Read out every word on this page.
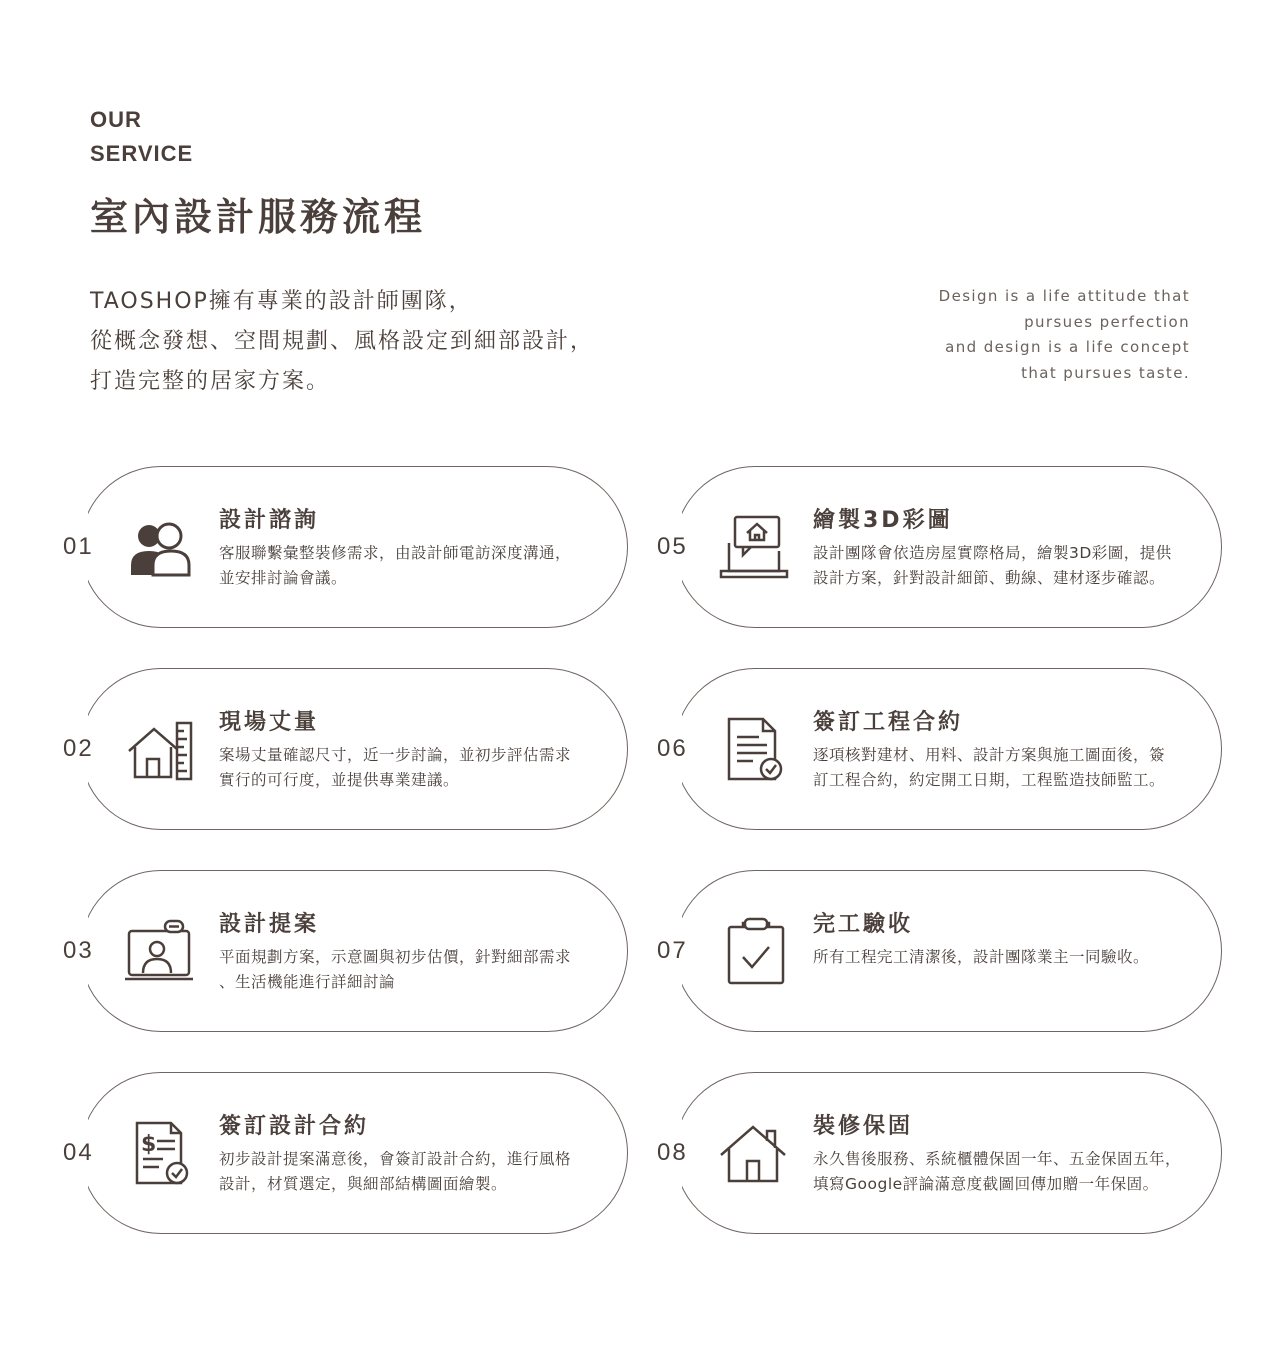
OUR
SERVICE
室內設計服務流程
TAOSHOP擁有專業的設計師團隊，
從概念發想、空間規劃、風格設定到細部設計，
打造完整的居家方案。
Design is a life attitude that
pursues perfection
and design is a life concept
that pursues taste.
設計諮詢
客服聯繫彙整裝修需求，由設計師電訪深度溝通，
並安排討論會議。
01
現場丈量
案場丈量確認尺寸，近一步討論，並初步評估需求
實行的可行度，並提供專業建議。
02
設計提案
平面規劃方案，示意圖與初步估價，針對細部需求
、生活機能進行詳細討論
03
$
簽訂設計合約
初步設計提案滿意後，會簽訂設計合約，進行風格
設計，材質選定，與細部結構圖面繪製。
04
繪製3D彩圖
設計團隊會依造房屋實際格局，繪製3D彩圖，提供
設計方案，針對設計細節、動線、建材逐步確認。
05
簽訂工程合約
逐項核對建材、用料、設計方案與施工圖面後，簽
訂工程合約，約定開工日期，工程監造技師監工。
06
完工驗收
所有工程完工清潔後，設計團隊業主一同驗收。
07
裝修保固
永久售後服務、系統櫃體保固一年、五金保固五年，
填寫Google評論滿意度截圖回傳加贈一年保固。
08
